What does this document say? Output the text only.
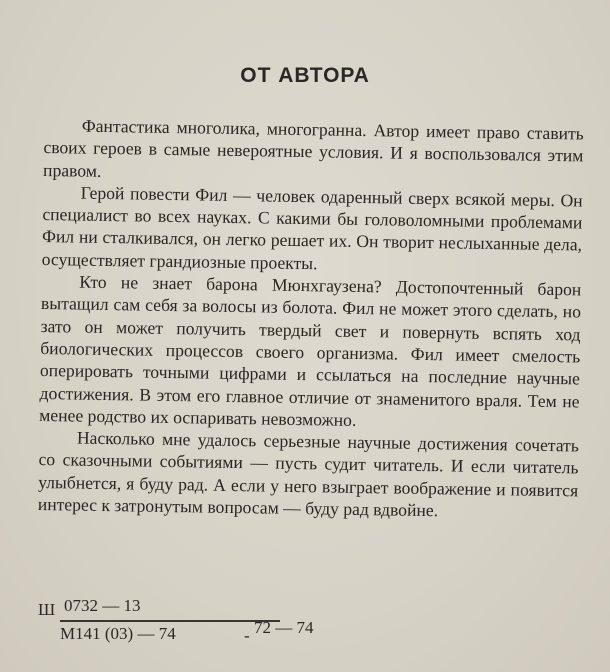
ОТ АВТОРА

Фантастика многолика, многогранна. Автор имеет право ставить своих героев в самые невероятные условия. И я воспользовался этим правом.

Герой повести Фил — человек одаренный сверх всякой меры. Он специалист во всех науках. С какими бы головоломными проблемами Фил ни сталкивался, он легко решает их. Он творит неслыханные дела, осуществляет грандиозные проекты.

Кто не знает барона Мюнхгаузена? Достопочтенный барон вытащил сам себя за волосы из болота. Фил не может этого сделать, но зато он может получить твердый свет и повернуть вспять ход биологических процессов своего организма. Фил имеет смелость оперировать точными цифрами и ссылаться на последние научные достижения. В этом его главное отличие от знаменитого враля. Тем не менее родство их оспаривать невозможно.

Насколько мне удалось серьезные научные достижения сочетать со сказочными событиями — пусть судит читатель. И если читатель улыбнется, я буду рад. А если у него взыграет воображение и появится интерес к затронутым вопросам — буду рад вдвойне.

Ш 0732 — 13
М141 (03) — 74	- 72 — 74
